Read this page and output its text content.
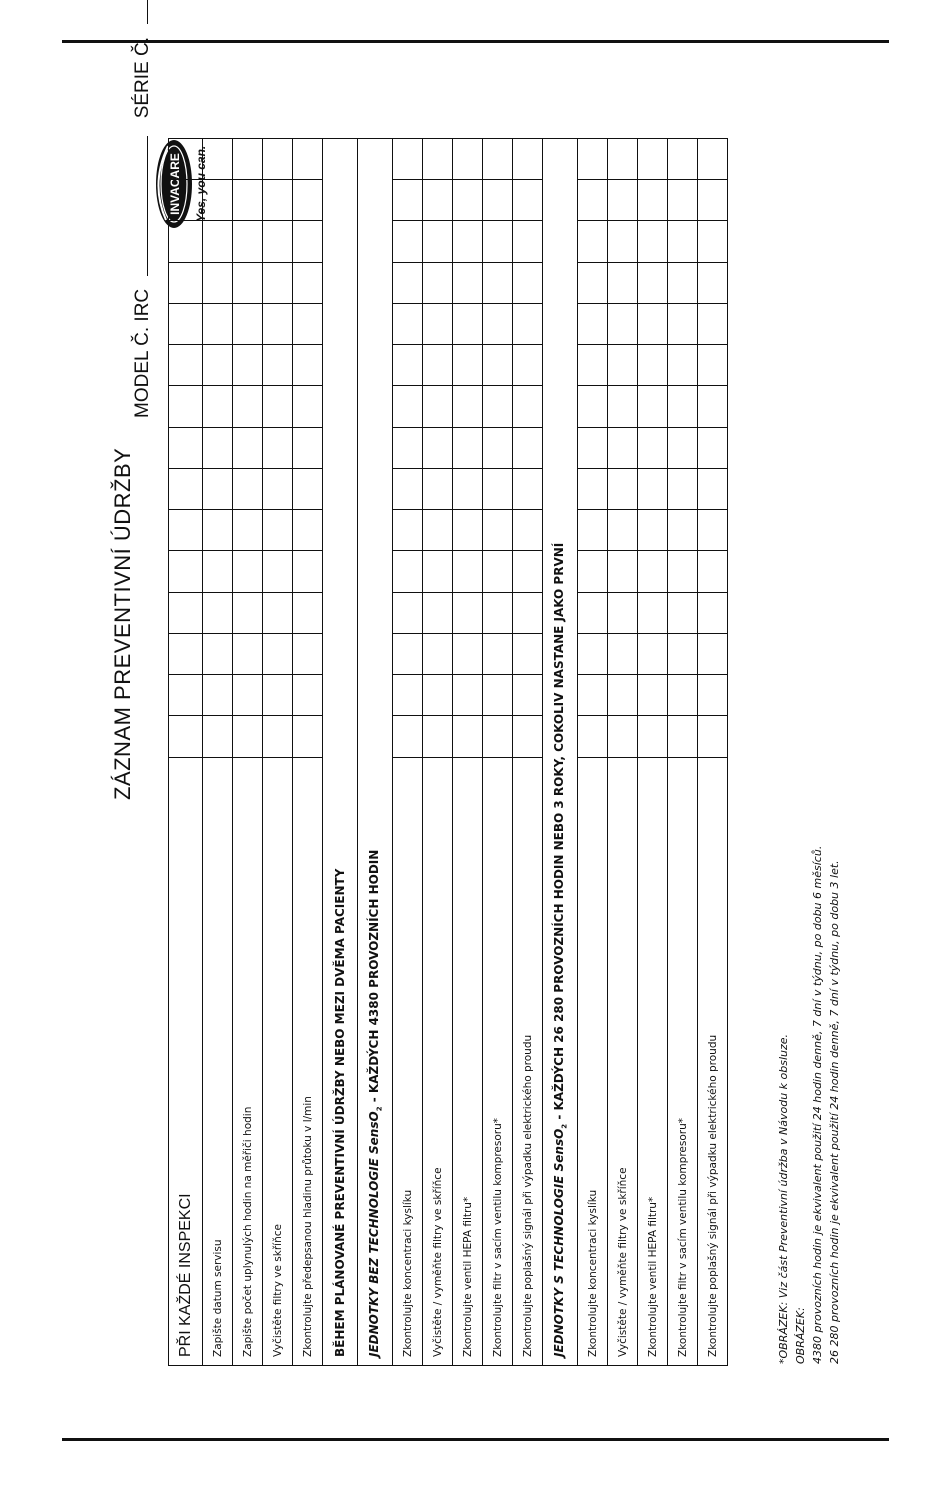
ZÁZNAM PREVENTIVNÍ ÚDRŽBY
MODEL Č. IRC  SÉRIE Č.
INVACARE Yes, you can.
PŘI KAŽDÉ INSPEKCI															
Zapište datum servisu															
Zapište počet uplynulých hodin na měřiči hodin															
Vyčistěte filtry ve skříňce															
Zkontrolujte předepsanou hladinu průtoku v l/min															
BĚHEM PLÁNOVANÉ PREVENTIVNÍ ÚDRŽBY NEBO MEZI DVĚMA PACIENTY															
JEDNOTKY BEZ TECHNOLOGIE SensO$_2$ - KAŽDÝCH 4380 PROVOZNÍCH HODIN															
Zkontrolujte koncentraci kyslíku															
Vyčistěte / vyměňte filtry ve skříňce															
Zkontrolujte ventil HEPA filtru*															
Zkontrolujte filtr v sacím ventilu kompresoru*															
Zkontrolujte poplašný signál při výpadku elektrického proudu															
JEDNOTKY S TECHNOLOGIE SensO$_2$ - KAŽDÝCH 26 280 PROVOZNÍCH HODIN NEBO 3 ROKY, COKOLIV NASTANE JAKO PRVNÍ															
Zkontrolujte koncentraci kyslíku															
Vyčistěte / vyměňte filtry ve skříňce															
Zkontrolujte ventil HEPA filtru*															
Zkontrolujte filtr v sacím ventilu kompresoru*															
Zkontrolujte poplašný signál při výpadku elektrického proudu																*OBRÁZEK: Viz část Preventivní údržba v Návodu k obsluze. OBRÁZEK: 4380 provozních hodin je ekvivalent použití 24 hodin denně, 7 dní v týdnu, po dobu 6 měsíců. 26 280 provozních hodin je ekvivalent použití 24 hodin denně, 7 dní v týdnu, po dobu 3 let.
